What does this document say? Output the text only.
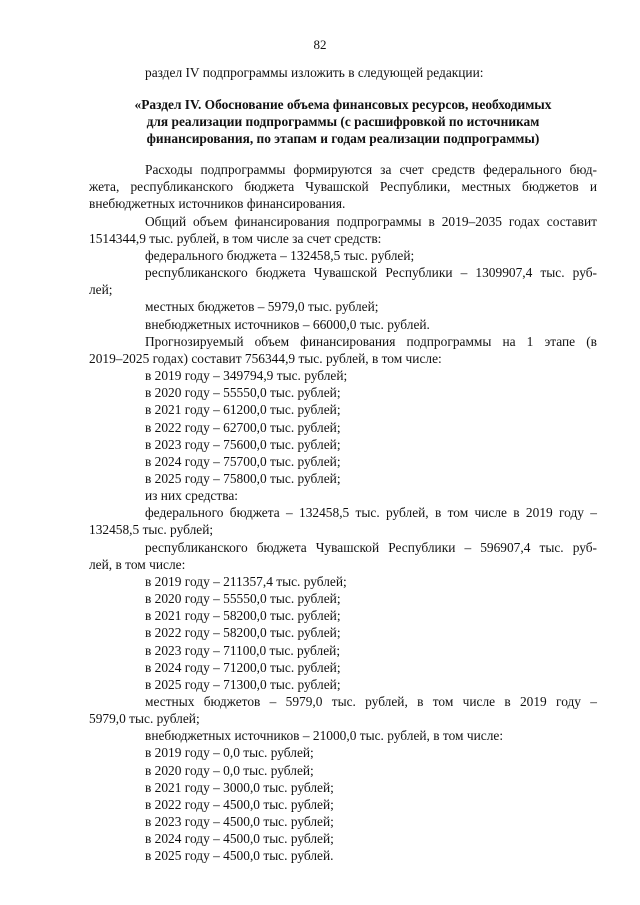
82

раздел IV подпрограммы изложить в следующей редакции:

«Раздел IV. Обоснование объема финансовых ресурсов, необходимых
для реализации подпрограммы (с расшифровкой по источникам
финансирования, по этапам и годам реализации подпрограммы)

Расходы подпрограммы формируются за счет средств федерального бюд-

жета, республиканского бюджета Чувашской Республики, местных бюджетов и

внебюджетных источников финансирования.

Общий объем финансирования подпрограммы в 2019–2035 годах составит

1514344,9 тыс. рублей, в том числе за счет средств:

федерального бюджета – 132458,5 тыс. рублей;

республиканского бюджета Чувашской Республики – 1309907,4 тыс. руб-

лей;

местных бюджетов – 5979,0 тыс. рублей;

внебюджетных источников – 66000,0 тыс. рублей.

Прогнозируемый объем финансирования подпрограммы на 1 этапе (в

2019–2025 годах) составит 756344,9 тыс. рублей, в том числе:

в 2019 году – 349794,9 тыс. рублей;

в 2020 году – 55550,0 тыс. рублей;

в 2021 году – 61200,0 тыс. рублей;

в 2022 году – 62700,0 тыс. рублей;

в 2023 году – 75600,0 тыс. рублей;

в 2024 году – 75700,0 тыс. рублей;

в 2025 году – 75800,0 тыс. рублей;

из них средства:

федерального бюджета – 132458,5 тыс. рублей, в том числе в 2019 году –

132458,5 тыс. рублей;

республиканского бюджета Чувашской Республики – 596907,4 тыс. руб-

лей, в том числе:

в 2019 году – 211357,4 тыс. рублей;

в 2020 году – 55550,0 тыс. рублей;

в 2021 году – 58200,0 тыс. рублей;

в 2022 году – 58200,0 тыс. рублей;

в 2023 году – 71100,0 тыс. рублей;

в 2024 году – 71200,0 тыс. рублей;

в 2025 году – 71300,0 тыс. рублей;

местных бюджетов – 5979,0 тыс. рублей, в том числе в 2019 году –

5979,0 тыс. рублей;

внебюджетных источников – 21000,0 тыс. рублей, в том числе:

в 2019 году – 0,0 тыс. рублей;

в 2020 году – 0,0 тыс. рублей;

в 2021 году – 3000,0 тыс. рублей;

в 2022 году – 4500,0 тыс. рублей;

в 2023 году – 4500,0 тыс. рублей;

в 2024 году – 4500,0 тыс. рублей;

в 2025 году – 4500,0 тыс. рублей.
